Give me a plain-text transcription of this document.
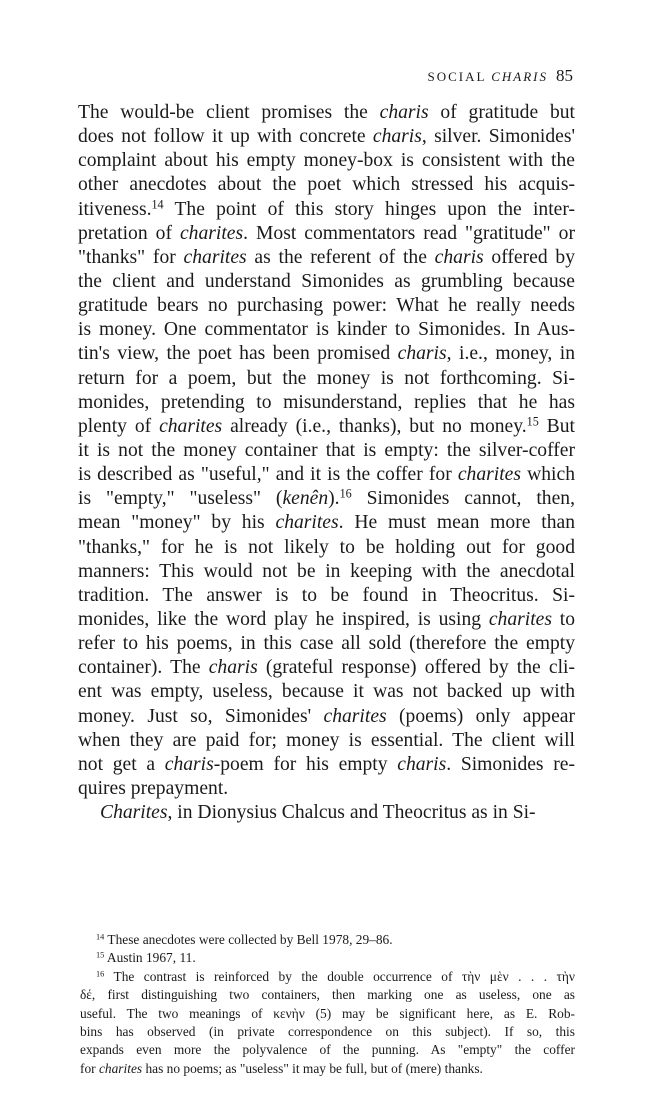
SOCIAL CHARIS 85
The would-be client promises the charis of gratitude but
does not follow it up with concrete charis, silver. Simonides'
complaint about his empty money-box is consistent with the
other anecdotes about the poet which stressed his acquis-
itiveness.$^{14}$ The point of this story hinges upon the inter-
pretation of charites. Most commentators read "gratitude" or
"thanks" for charites as the referent of the charis offered by
the client and understand Simonides as grumbling because
gratitude bears no purchasing power: What he really needs
is money. One commentator is kinder to Simonides. In Aus-
tin's view, the poet has been promised charis, i.e., money, in
return for a poem, but the money is not forthcoming. Si-
monides, pretending to misunderstand, replies that he has
plenty of charites already (i.e., thanks), but no money.$^{15}$ But
it is not the money container that is empty: the silver-coffer
is described as "useful," and it is the coffer for charites which
is "empty," "useless" (kenên).$^{16}$ Simonides cannot, then,
mean "money" by his charites. He must mean more than
"thanks," for he is not likely to be holding out for good
manners: This would not be in keeping with the anecdotal
tradition. The answer is to be found in Theocritus. Si-
monides, like the word play he inspired, is using charites to
refer to his poems, in this case all sold (therefore the empty
container). The charis (grateful response) offered by the cli-
ent was empty, useless, because it was not backed up with
money. Just so, Simonides' charites (poems) only appear
when they are paid for; money is essential. The client will
not get a charis-poem for his empty charis. Simonides re-
quires prepayment.
Charites, in Dionysius Chalcus and Theocritus as in Si-
$^{14}$ These anecdotes were collected by Bell 1978, 29–86.
$^{15}$ Austin 1967, 11.
$^{16}$ The contrast is reinforced by the double occurrence of τὴν μὲν . . . τὴν
δέ, first distinguishing two containers, then marking one as useless, one as
useful. The two meanings of κενὴν (5) may be significant here, as E. Rob-
bins has observed (in private correspondence on this subject). If so, this
expands even more the polyvalence of the punning. As "empty" the coffer
for charites has no poems; as "useless" it may be full, but of (mere) thanks.
